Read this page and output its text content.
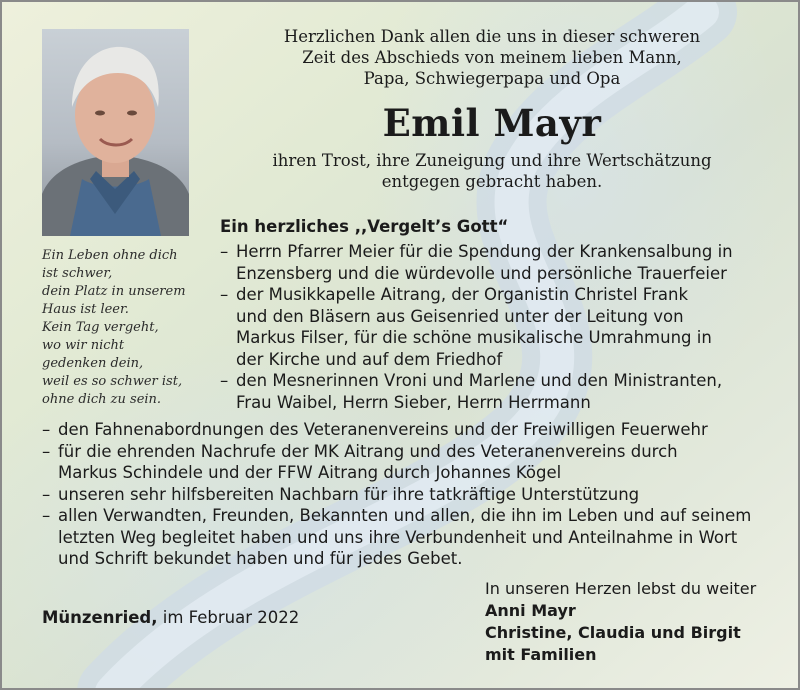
Herzlichen Dank allen die uns in dieser schweren
Zeit des Abschieds von meinem lieben Mann,
Papa, Schwiegerpapa und Opa
Emil Mayr
ihren Trost, ihre Zuneigung und ihre Wertschätzung
entgegen gebracht haben.
Ein Leben ohne dich
ist schwer,
dein Platz in unserem
Haus ist leer.
Kein Tag vergeht,
wo wir nicht
gedenken dein,
weil es so schwer ist,
ohne dich zu sein.
Ein herzliches ,,Vergelt’s Gott“
– Herrn Pfarrer Meier für die Spendung der Krankensalbung in
Enzensberg und die würdevolle und persönliche Trauerfeier
– der Musikkapelle Aitrang, der Organistin Christel Frank
und den Bläsern aus Geisenried unter der Leitung von
Markus Filser, für die schöne musikalische Umrahmung in
der Kirche und auf dem Friedhof
– den Mesnerinnen Vroni und Marlene und den Ministranten,
Frau Waibel, Herrn Sieber, Herrn Herrmann
– den Fahnenabordnungen des Veteranenvereins und der Freiwilligen Feuerwehr
– für die ehrenden Nachrufe der MK Aitrang und des Veteranenvereins durch
Markus Schindele und der FFW Aitrang durch Johannes Kögel
– unseren sehr hilfsbereiten Nachbarn für ihre tatkräftige Unterstützung
– allen Verwandten, Freunden, Bekannten und allen, die ihn im Leben und auf seinem
letzten Weg begleitet haben und uns ihre Verbundenheit und Anteilnahme in Wort
und Schrift bekundet haben und für jedes Gebet.
Münzenried, im Februar 2022
In unseren Herzen lebst du weiter
Anni Mayr
Christine, Claudia und Birgit
mit Familien
